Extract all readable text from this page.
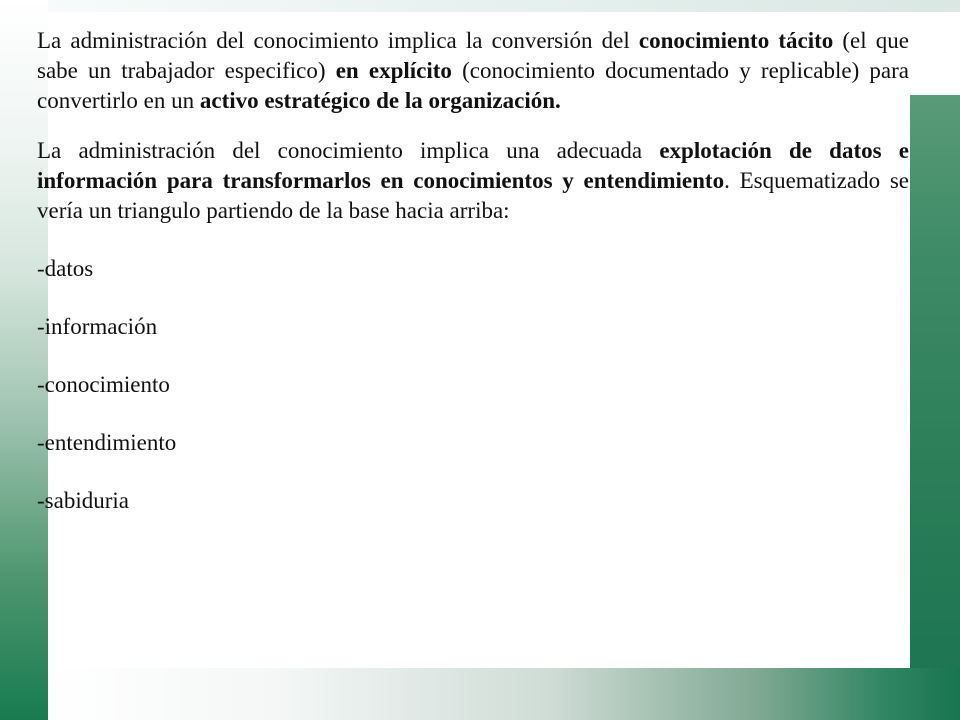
La administración del conocimiento implica la conversión del conocimiento tácito (el que sabe un trabajador especifico) en explícito (conocimiento documentado y replicable) para convertirlo en un activo estratégico de la organización.

La administración del conocimiento implica una adecuada explotación de datos e información para transformarlos en conocimientos y entendimiento. Esquematizado se vería un triangulo partiendo de la base hacia arriba:

-datos
-información
-conocimiento
-entendimiento
-sabiduria
